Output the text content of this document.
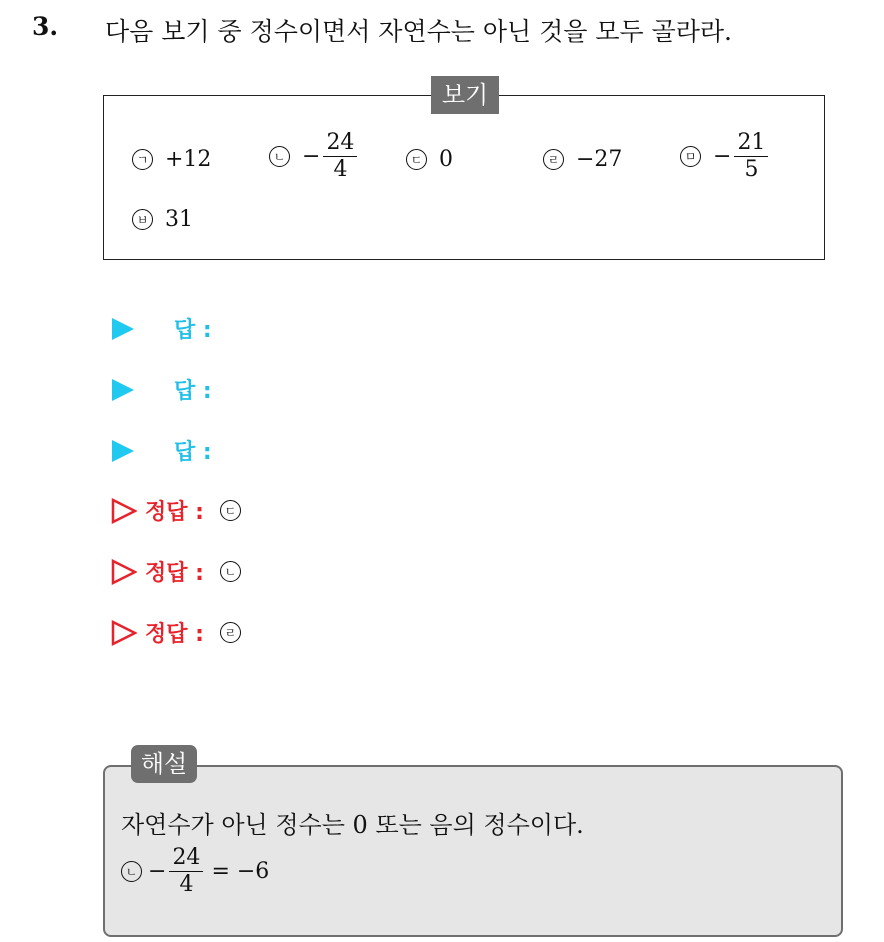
3. 다음 보기 중 정수이면서 자연수는 아닌 것을 모두 골라라.
보기
ㄱ +12	ㄴ − $\frac{24}{4}$	ㄷ 0	ㄹ −27	ㅁ − $\frac{21}{5}$
ㅂ 31
답 :
답 :
답 :
정답 :	ㄷ
정답 :	ㄴ
정답 :	ㄹ
해설
자연수가 아닌 정수는 0 또는 음의 정수이다.
ㄴ − $\frac{24}{4} = -6$
